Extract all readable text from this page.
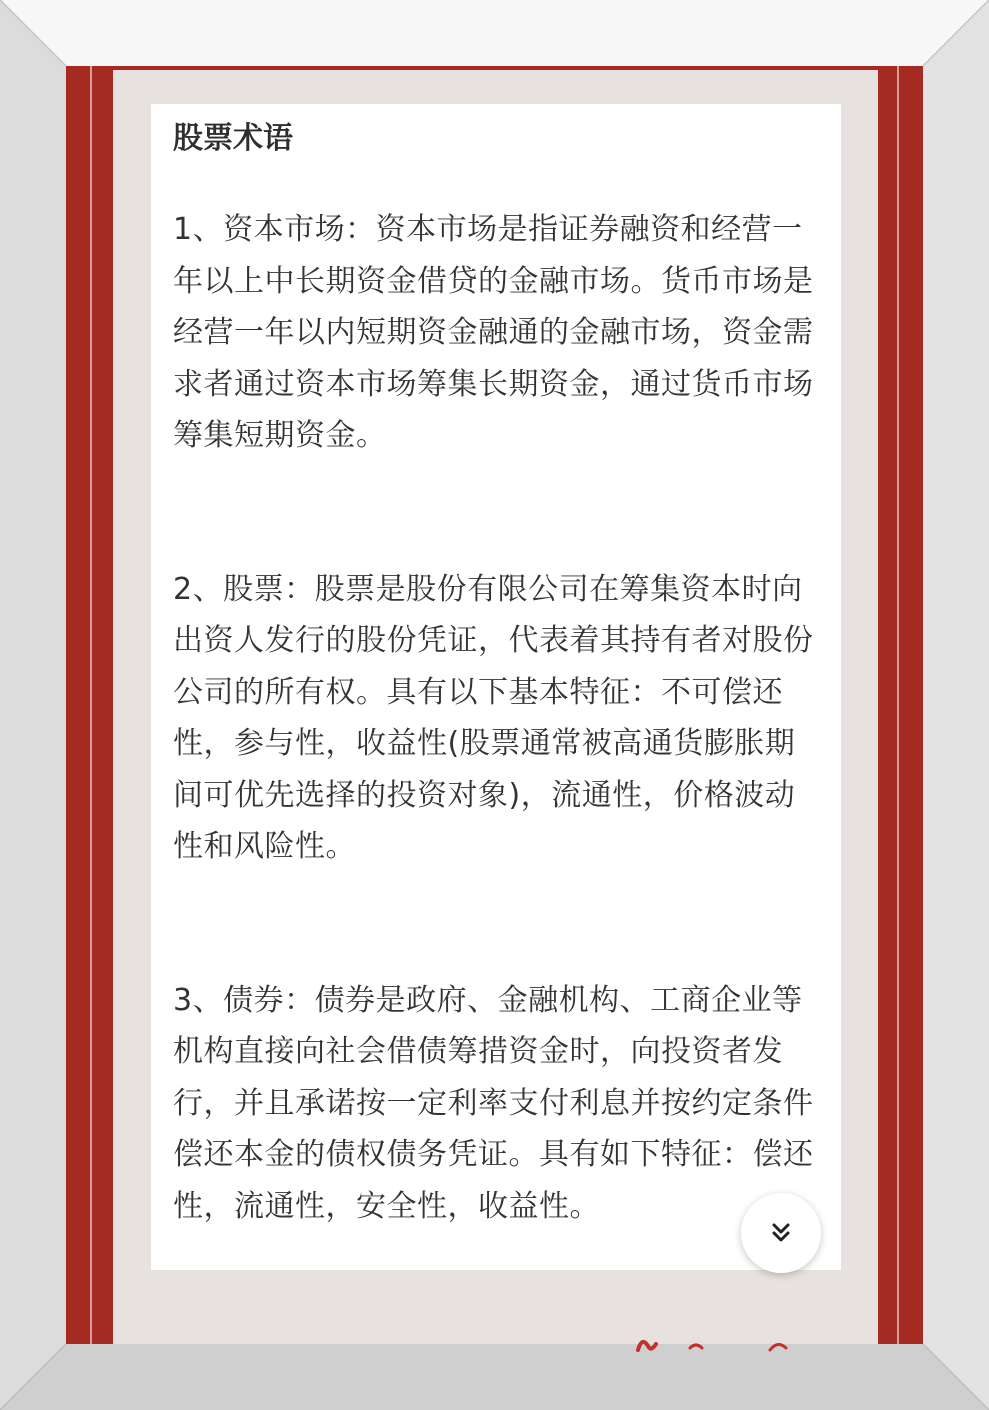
股票术语

1、资本市场：资本市场是指证券融资和经营一年以上中长期资金借贷的金融市场。货币市场是经营一年以内短期资金融通的金融市场，资金需求者通过资本市场筹集长期资金，通过货币市场筹集短期资金。

2、股票：股票是股份有限公司在筹集资本时向出资人发行的股份凭证，代表着其持有者对股份公司的所有权。具有以下基本特征：不可偿还性，参与性，收益性(股票通常被高通货膨胀期间可优先选择的投资对象)，流通性，价格波动性和风险性。

3、债券：债券是政府、金融机构、工商企业等机构直接向社会借债筹措资金时，向投资者发行，并且承诺按一定利率支付利息并按约定条件偿还本金的债权债务凭证。具有如下特征：偿还性，流通性，安全性，收益性。
